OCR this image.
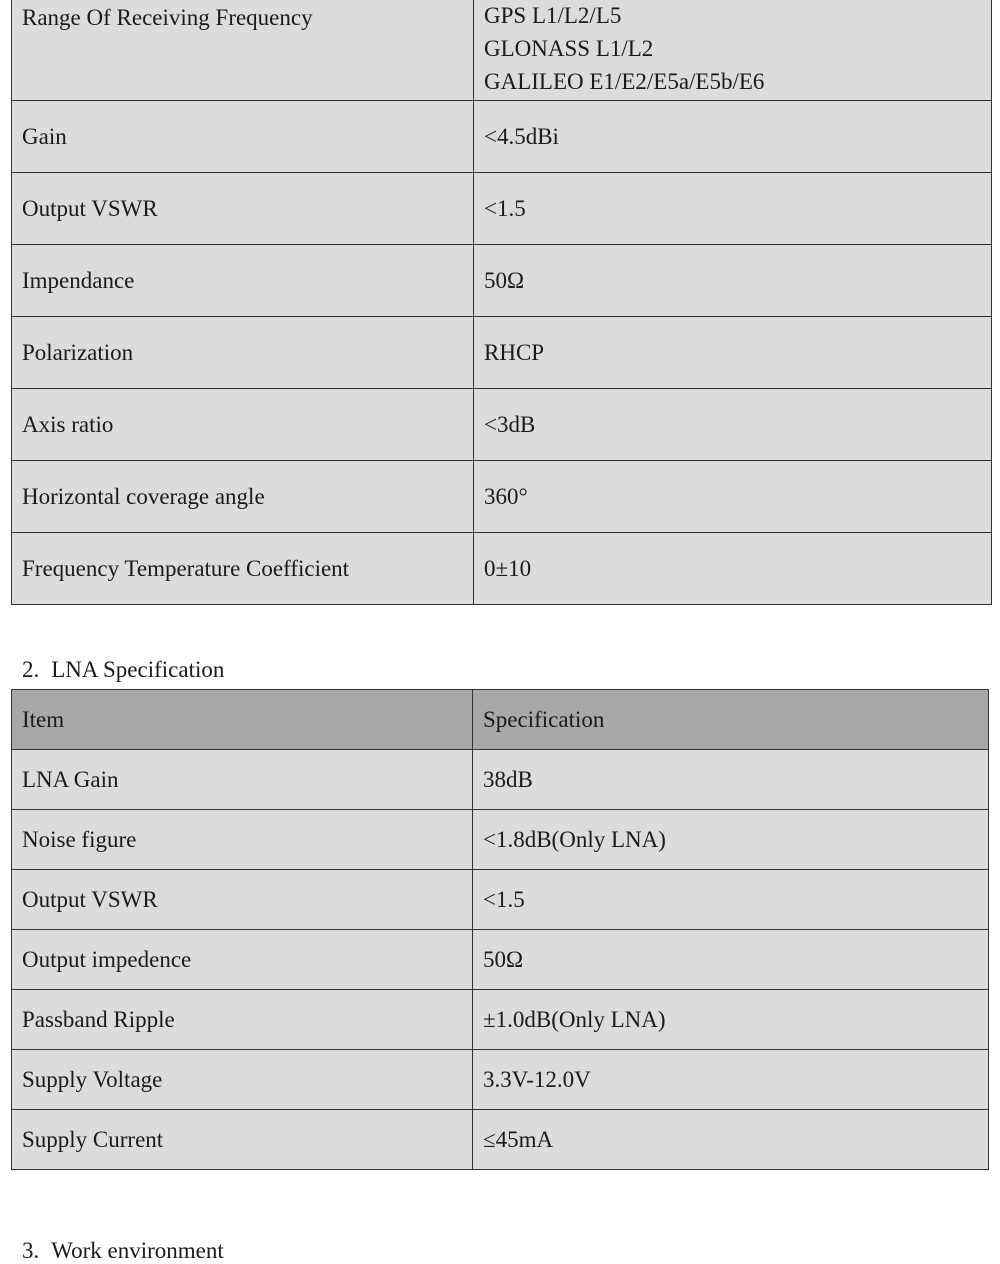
Range Of Receiving Frequency	GPS L1/L2/L5
GLONASS L1/L2
GALILEO E1/E2/E5a/E5b/E6

Gain	<4.5dBi
Output VSWR	<1.5
Impendance	50Ω
Polarization	RHCP
Axis ratio	<3dB
Horizontal coverage angle	360°
Frequency Temperature Coefficient	0±10
2. LNA Specification
Item	Specification
LNA Gain	38dB
Noise figure	<1.8dB(Only LNA)
Output VSWR	<1.5
Output impedence	50Ω
Passband Ripple	±1.0dB(Only LNA)
Supply Voltage	3.3V-12.0V
Supply Current	≤45mA
3. Work environment
